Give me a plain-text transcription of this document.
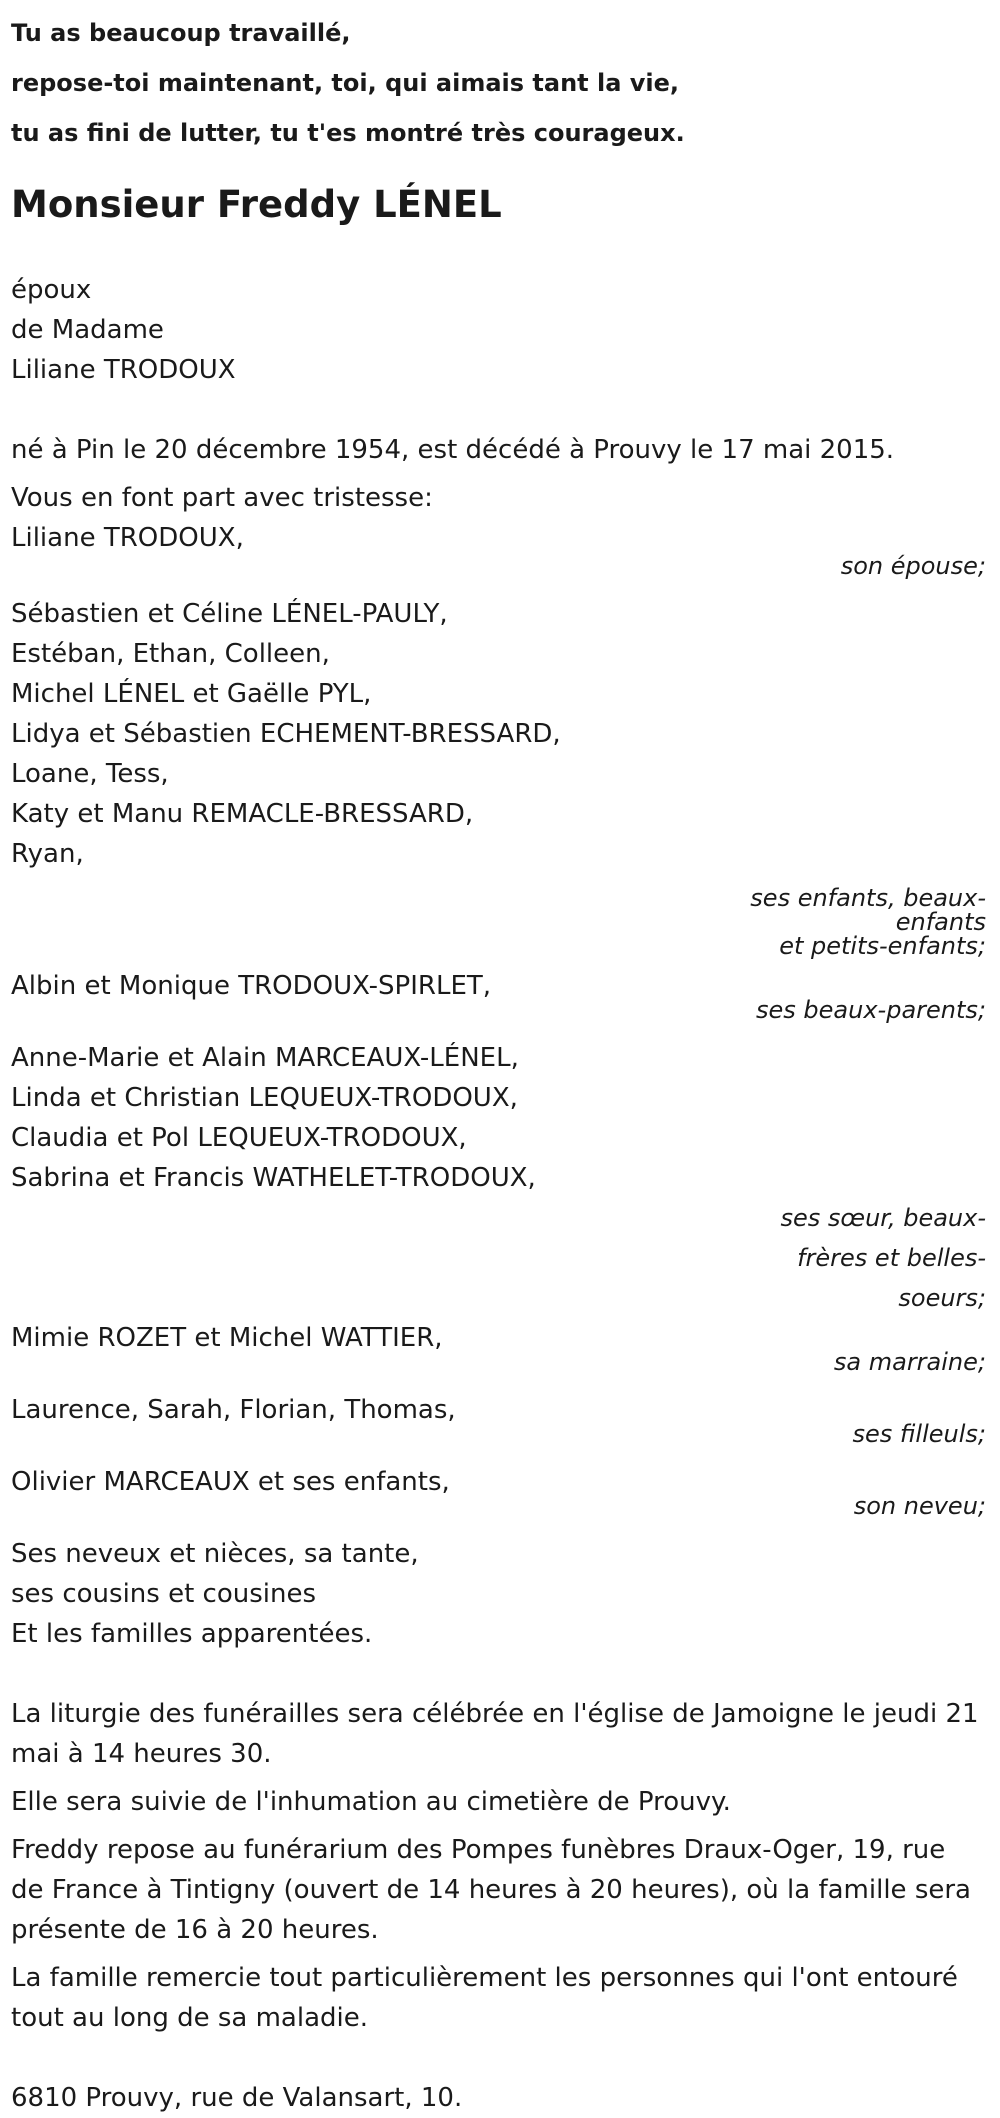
Tu as beaucoup travaillé,
repose-toi maintenant, toi, qui aimais tant la vie,
tu as fini de lutter, tu t'es montré très courageux.
Monsieur Freddy LÉNEL
époux
de Madame
Liliane TRODOUX
né à Pin le 20 décembre 1954, est décédé à Prouvy le 17 mai 2015.
Vous en font part avec tristesse:
Liliane TRODOUX,
son épouse;
Sébastien et Céline LÉNEL-PAULY,
Estéban, Ethan, Colleen,
Michel LÉNEL et Gaëlle PYL,
Lidya et Sébastien ECHEMENT-BRESSARD,
Loane, Tess,
Katy et Manu REMACLE-BRESSARD,
Ryan,
ses enfants, beaux-
enfants
et petits-enfants;
Albin et Monique TRODOUX-SPIRLET,
ses beaux-parents;
Anne-Marie et Alain MARCEAUX-LÉNEL,
Linda et Christian LEQUEUX-TRODOUX,
Claudia et Pol LEQUEUX-TRODOUX,
Sabrina et Francis WATHELET-TRODOUX,
ses sœur, beaux-
frères et belles-
soeurs;
Mimie ROZET et Michel WATTIER,
sa marraine;
Laurence, Sarah, Florian, Thomas,
ses filleuls;
Olivier MARCEAUX et ses enfants,
son neveu;
Ses neveux et nièces, sa tante,
ses cousins et cousines
Et les familles apparentées.
La liturgie des funérailles sera célébrée en l'église de Jamoigne le jeudi 21 mai à 14 heures 30.
Elle sera suivie de l'inhumation au cimetière de Prouvy.
Freddy repose au funérarium des Pompes funèbres Draux-Oger, 19, rue de France à Tintigny (ouvert de 14 heures à 20 heures), où la famille sera présente de 16 à 20 heures.
La famille remercie tout particulièrement les personnes qui l'ont entouré tout au long de sa maladie.
6810 Prouvy, rue de Valansart, 10.
